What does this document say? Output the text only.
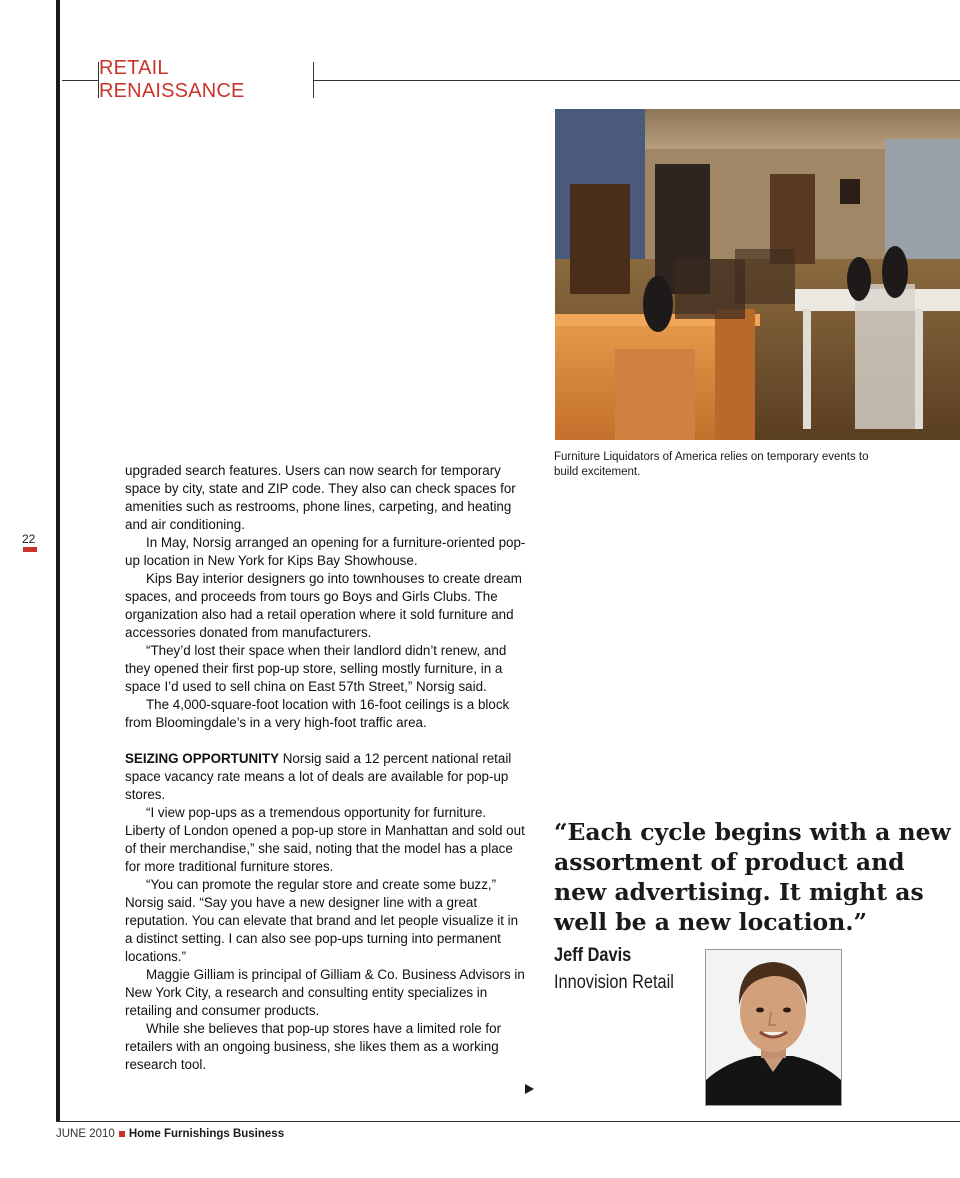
RETAIL RENAISSANCE
Furniture Liquidators of America relies on temporary events to build excitement.
22

upgraded search features. Users can now search for temporary space by city, state and ZIP code. They also can check spaces for amenities such as restrooms, phone lines, carpeting, and heating and air conditioning.

In May, Norsig arranged an opening for a furniture-oriented pop-up location in New York for Kips Bay Showhouse.

Kips Bay interior designers go into townhouses to create dream spaces, and proceeds from tours go Boys and Girls Clubs. The organization also had a retail operation where it sold furniture and accessories donated from manufacturers.

“They’d lost their space when their landlord didn’t renew, and they opened their first pop-up store, selling mostly furniture, in a space I’d used to sell china on East 57th Street,” Norsig said.

The 4,000-square-foot location with 16-foot ceilings is a block from Bloomingdale’s in a very high-foot traffic area.

SEIZING OPPORTUNITY Norsig said a 12 percent national retail space vacancy rate means a lot of deals are available for pop-up stores.

“I view pop-ups as a tremendous opportunity for furniture. Liberty of London opened a pop-up store in Manhattan and sold out of their merchandise,” she said, noting that the model has a place for more traditional furniture stores.

“You can promote the regular store and create some buzz,” Norsig said. “Say you have a new designer line with a great reputation. You can elevate that brand and let people visualize it in a distinct setting. I can also see pop-ups turning into permanent locations.”

Maggie Gilliam is principal of Gilliam & Co. Business Advisors in New York City, a research and consulting entity specializes in retailing and consumer products.

While she believes that pop-up stores have a limited role for retailers with an ongoing business, she likes them as a working research tool.

“Each cycle begins with a new assortment of product and new advertising. It might as well be a new location.”
Jeff Davis
Innovision Retail
JUNE 2010 Home Furnishings Business
